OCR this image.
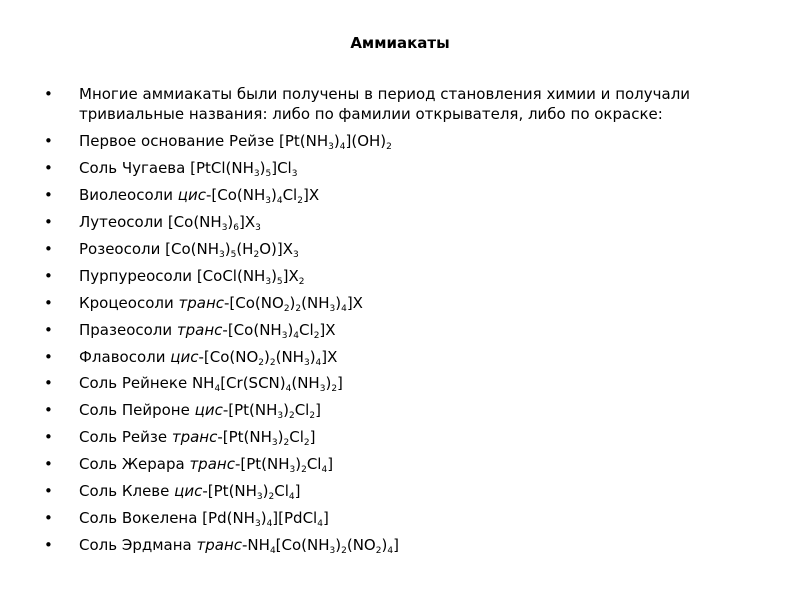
Аммиакаты
• Многие аммиакаты были получены в период становления химии и получали тривиальные названия: либо по фамилии открывателя, либо по окраске:
• Первое основание Рейзе $[Pt(NH_3)_4](OH)_2$
• Соль Чугаева $[PtCl(NH_3)_5]Cl_3$
• Виолеосоли цис-$[Co(NH_3)_4Cl_2]X$
• Лутеосоли $[Co(NH_3)_6]X_3$
• Розеосоли $[Co(NH_3)_5(H_2O)]X_3$
• Пурпуреосоли $[CoCl(NH_3)_5]X_2$
• Кроцеосоли транс-$[Co(NO_2)_2(NH_3)_4]X$
• Празеосоли транс-$[Co(NH_3)_4Cl_2]X$
• Флавосоли цис-$[Co(NO_2)_2(NH_3)_4]X$
• Соль Рейнеке $NH_4[Cr(SCN)_4(NH_3)_2]$
• Соль Пейроне цис-$[Pt(NH_3)_2Cl_2]$
• Соль Рейзе транс-$[Pt(NH_3)_2Cl_2]$
• Соль Жерара транс-$[Pt(NH_3)_2Cl_4]$
• Соль Клеве цис-$[Pt(NH_3)_2Cl_4]$
• Соль Вокелена $[Pd(NH_3)_4][PdCl_4]$
• Соль Эрдмана транс-$NH_4[Co(NH_3)_2(NO_2)_4]$
